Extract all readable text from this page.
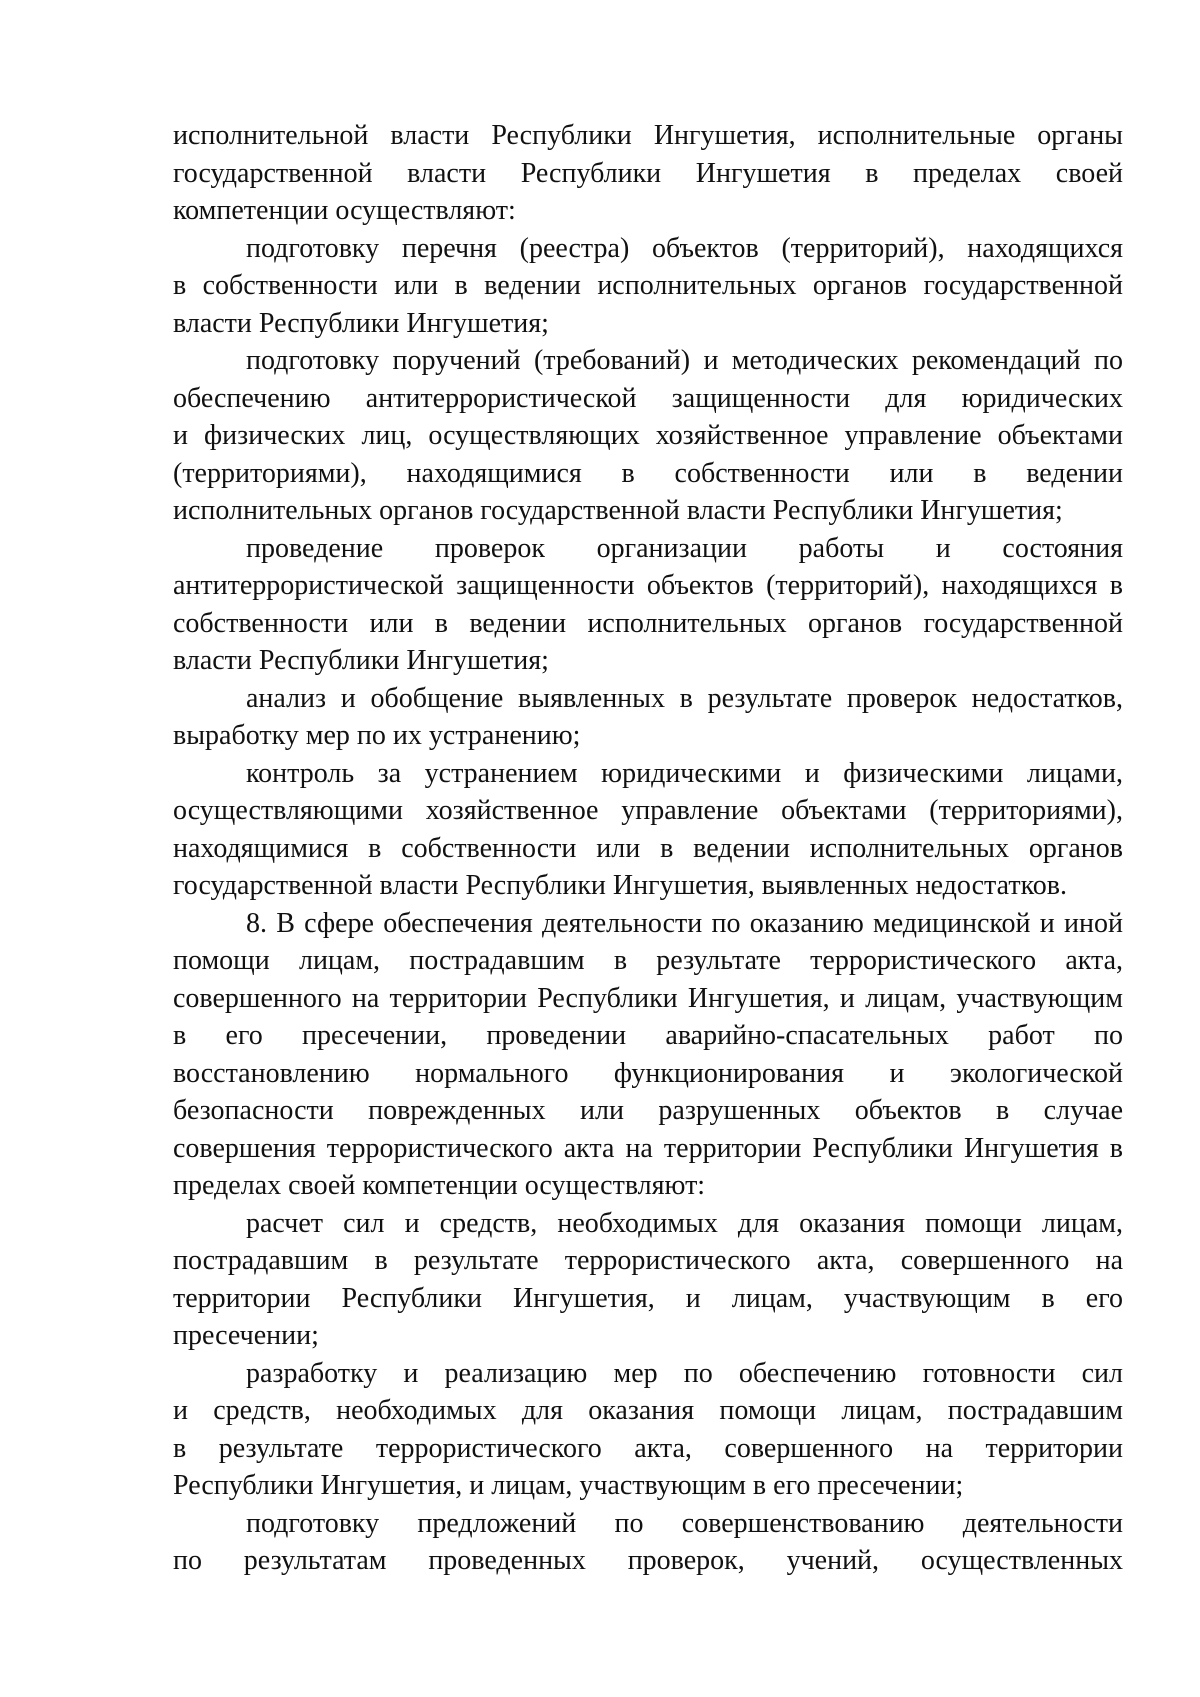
исполнительной власти Республики Ингушетия, исполнительные органы
государственной власти Республики Ингушетия в пределах своей
компетенции осуществляют:
подготовку перечня (реестра) объектов (территорий), находящихся
в собственности или в ведении исполнительных органов государственной
власти Республики Ингушетия;
подготовку поручений (требований) и методических рекомендаций по
обеспечению антитеррористической защищенности для юридических
и физических лиц, осуществляющих хозяйственное управление объектами
(территориями), находящимися в собственности или в ведении
исполнительных органов государственной власти Республики Ингушетия;
проведение проверок организации работы и состояния
антитеррористической защищенности объектов (территорий), находящихся в
собственности или в ведении исполнительных органов государственной
власти Республики Ингушетия;
анализ и обобщение выявленных в результате проверок недостатков,
выработку мер по их устранению;
контроль за устранением юридическими и физическими лицами,
осуществляющими хозяйственное управление объектами (территориями),
находящимися в собственности или в ведении исполнительных органов
государственной власти Республики Ингушетия, выявленных недостатков.
8. В сфере обеспечения деятельности по оказанию медицинской и иной
помощи лицам, пострадавшим в результате террористического акта,
совершенного на территории Республики Ингушетия, и лицам, участвующим
в его пресечении, проведении аварийно-спасательных работ по
восстановлению нормального функционирования и экологической
безопасности поврежденных или разрушенных объектов в случае
совершения террористического акта на территории Республики Ингушетия в
пределах своей компетенции осуществляют:
расчет сил и средств, необходимых для оказания помощи лицам,
пострадавшим в результате террористического акта, совершенного на
территории Республики Ингушетия, и лицам, участвующим в его
пресечении;
разработку и реализацию мер по обеспечению готовности сил
и средств, необходимых для оказания помощи лицам, пострадавшим
в результате террористического акта, совершенного на территории
Республики Ингушетия, и лицам, участвующим в его пресечении;
подготовку предложений по совершенствованию деятельности
по результатам проведенных проверок, учений, осуществленных
